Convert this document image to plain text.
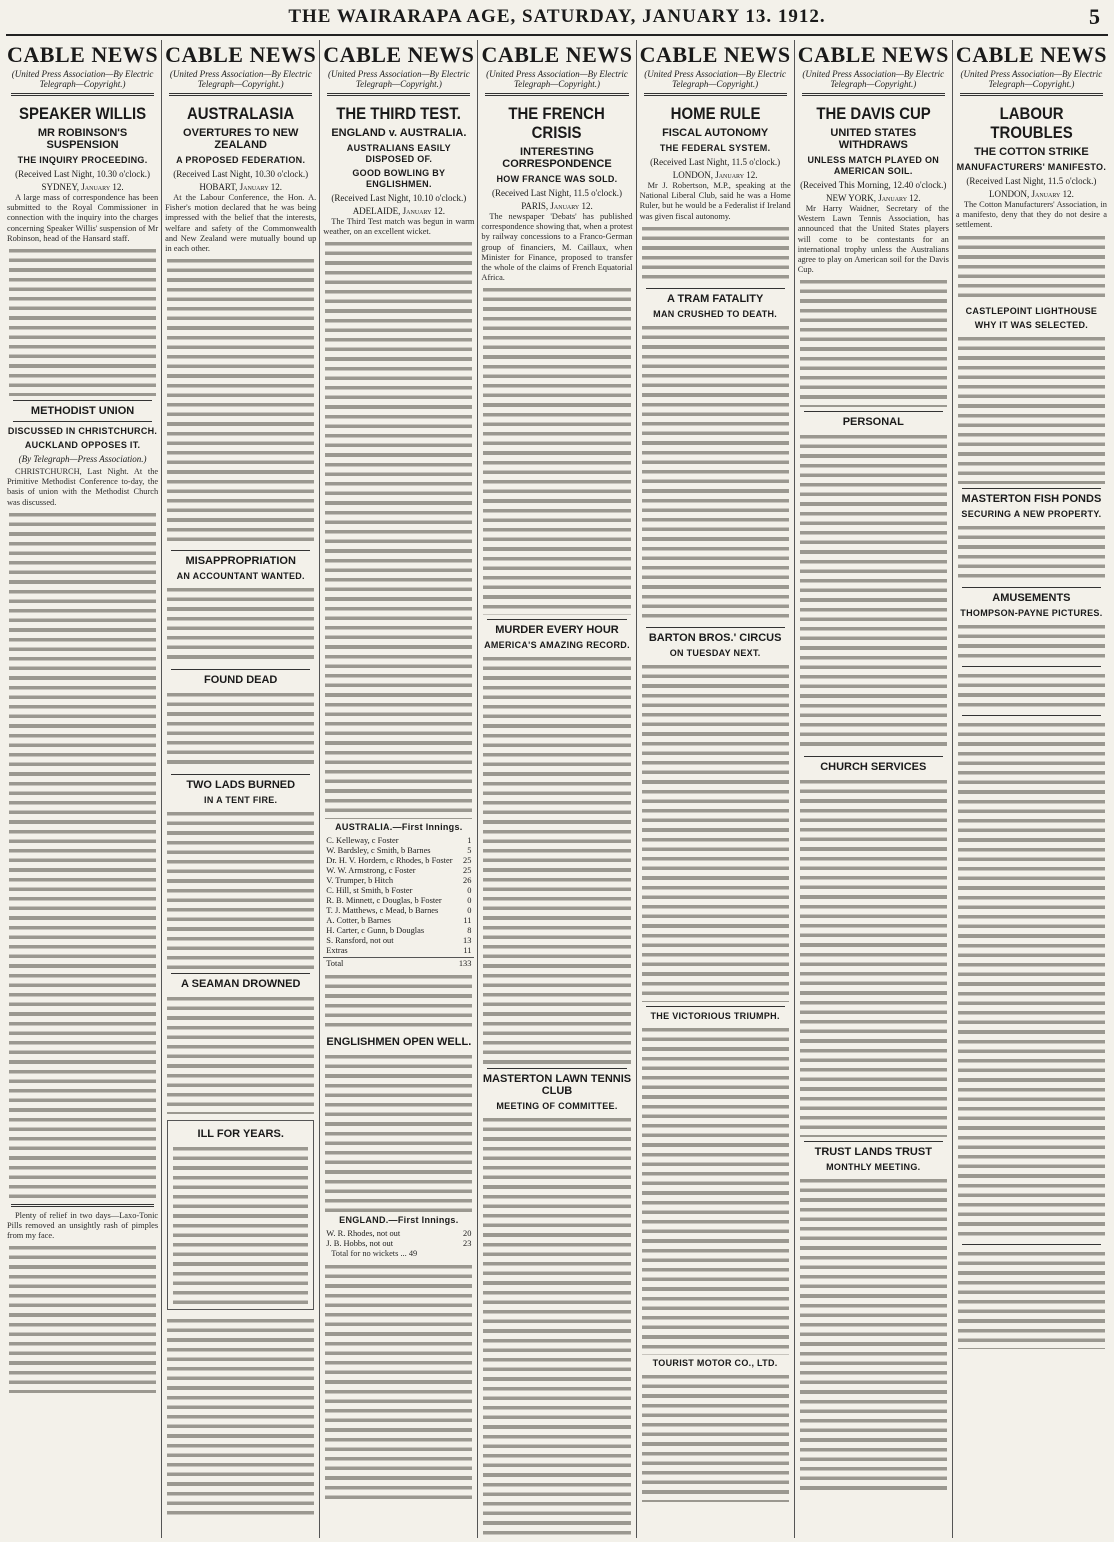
THE WAIRARAPA AGE, SATURDAY, JANUARY 13. 1912.	5
CABLE NEWS
(United Press Association—By Electric Telegraph—Copyright.)
SPEAKER WILLIS
MR ROBINSON'S SUSPENSION
THE INQUIRY PROCEEDING.
(Received Last Night, 10.30 o'clock.)
SYDNEY, January 12.
A large mass of correspondence has been submitted to the Royal Commissioner in connection with the inquiry into the charges concerning Speaker Willis' suspension of Mr Robinson, head of the Hansard staff.
METHODIST UNION
DISCUSSED IN CHRISTCHURCH.
AUCKLAND OPPOSES IT.
(By Telegraph—Press Association.)
CHRISTCHURCH, Last Night. At the Primitive Methodist Conference to-day, the basis of union with the Methodist Church was discussed.
Plenty of relief in two days—Laxo-Tonic Pills removed an unsightly rash of pimples from my face.
CABLE NEWS
(United Press Association—By Electric Telegraph—Copyright.)
AUSTRALASIA
OVERTURES TO NEW ZEALAND
A PROPOSED FEDERATION.
(Received Last Night, 10.30 o'clock.)
HOBART, January 12.
At the Labour Conference, the Hon. A. Fisher's motion declared that he was being impressed with the belief that the interests, welfare and safety of the Commonwealth and New Zealand were mutually bound up in each other.
MISAPPROPRIATION
AN ACCOUNTANT WANTED.
FOUND DEAD
TWO LADS BURNED
IN A TENT FIRE.
A SEAMAN DROWNED
ILL FOR YEARS.
CABLE NEWS
(United Press Association—By Electric Telegraph—Copyright.)
THE THIRD TEST.
ENGLAND v. AUSTRALIA.
AUSTRALIANS EASILY DISPOSED OF.
GOOD BOWLING BY ENGLISHMEN.
(Received Last Night, 10.10 o'clock.)
ADELAIDE, January 12.
The Third Test match was begun in warm weather, on an excellent wicket.
AUSTRALIA.—First Innings.
C. Kelleway, c Foster	1
W. Bardsley, c Smith, b Barnes	5
Dr. H. V. Hordern, c Rhodes, b Foster 25
W. W. Armstrong, c Foster	25
V. Trumper, b Hitch	26
C. Hill, st Smith, b Foster	0
R. B. Minnett, c Douglas, b Foster	0
T. J. Matthews, c Mead, b Barnes	0
A. Cotter, b Barnes	11
H. Carter, c Gunn, b Douglas	8
S. Ransford, not out	13
Extras	11
Total	133
ENGLISHMEN OPEN WELL.
ENGLAND.—First Innings.
W. R. Rhodes, not out	20
J. B. Hobbs, not out	23
Total for no wickets ... 49
CABLE NEWS
(United Press Association—By Electric Telegraph—Copyright.)
THE FRENCH CRISIS
INTERESTING CORRESPONDENCE
HOW FRANCE WAS SOLD.
(Received Last Night, 11.5 o'clock.)
PARIS, January 12.
The newspaper 'Debats' has published correspondence showing that, when a protest by railway concessions to a Franco-German group of financiers, M. Caillaux, when Minister for Finance, proposed to transfer the whole of the claims of French Equatorial Africa.
MURDER EVERY HOUR
AMERICA'S AMAZING RECORD.
MASTERTON LAWN TENNIS CLUB
MEETING OF COMMITTEE.
CABLE NEWS
(United Press Association—By Electric Telegraph—Copyright.)
HOME RULE
FISCAL AUTONOMY
THE FEDERAL SYSTEM.
(Received Last Night, 11.5 o'clock.)
LONDON, January 12.
Mr J. Robertson, M.P., speaking at the National Liberal Club, said he was a Home Ruler, but he would be a Federalist if Ireland was given fiscal autonomy.
A TRAM FATALITY
MAN CRUSHED TO DEATH.
BARTON BROS.' CIRCUS
ON TUESDAY NEXT.
THE VICTORIOUS TRIUMPH.
TOURIST MOTOR CO., LTD.
CABLE NEWS
(United Press Association—By Electric Telegraph—Copyright.)
THE DAVIS CUP
UNITED STATES WITHDRAWS
UNLESS MATCH PLAYED ON AMERICAN SOIL.
(Received This Morning, 12.40 o'clock.)
NEW YORK, January 12.
Mr Harry Waidner, Secretary of the Western Lawn Tennis Association, has announced that the United States players will come to be contestants for an international trophy unless the Australians agree to play on American soil for the Davis Cup.
PERSONAL
CHURCH SERVICES
TRUST LANDS TRUST
MONTHLY MEETING.
CABLE NEWS
(United Press Association—By Electric Telegraph—Copyright.)
LABOUR TROUBLES
THE COTTON STRIKE
MANUFACTURERS' MANIFESTO.
(Received Last Night, 11.5 o'clock.)
LONDON, January 12.
The Cotton Manufacturers' Association, in a manifesto, deny that they do not desire a settlement.
CASTLEPOINT LIGHTHOUSE
WHY IT WAS SELECTED.
MASTERTON FISH PONDS
SECURING A NEW PROPERTY.
AMUSEMENTS
THOMPSON-PAYNE PICTURES.
